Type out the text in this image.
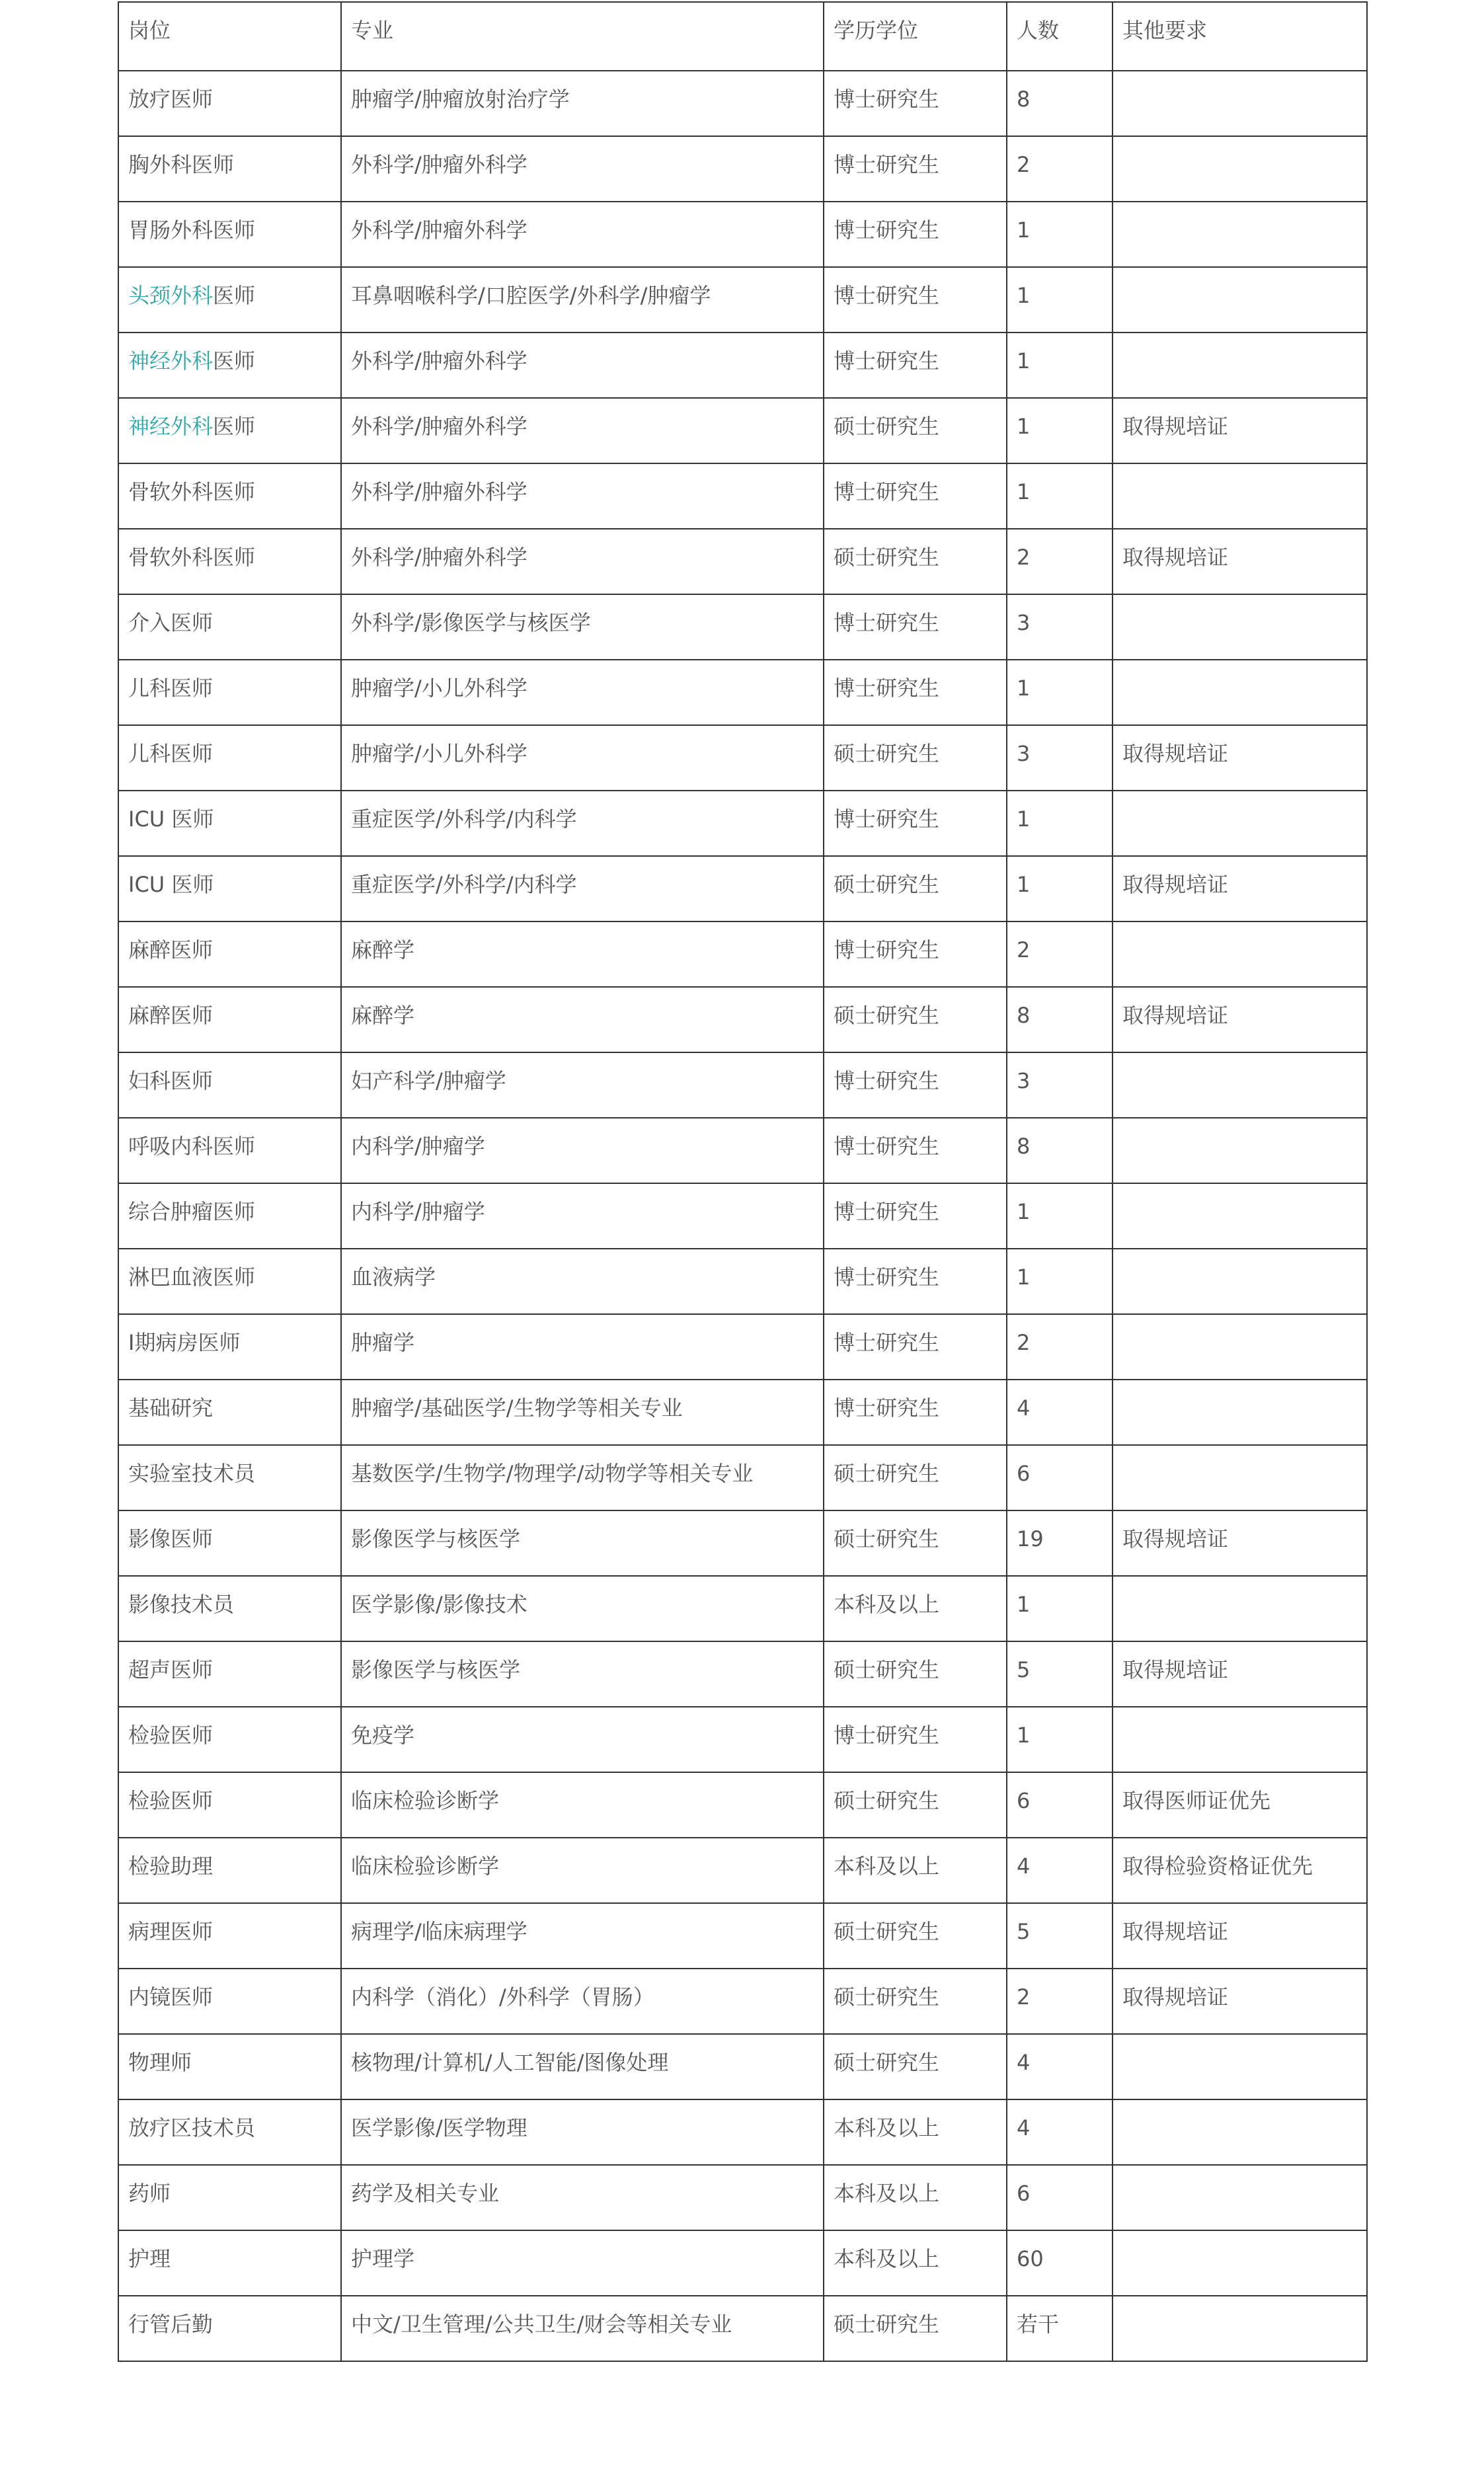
岗位	专业	学历学位	人数	其他要求
放疗医师	肿瘤学/肿瘤放射治疗学	博士研究生	8	
胸外科医师	外科学/肿瘤外科学	博士研究生	2	
胃肠外科医师	外科学/肿瘤外科学	博士研究生	1	
头颈外科医师	耳鼻咽喉科学/口腔医学/外科学/肿瘤学	博士研究生	1	
神经外科医师	外科学/肿瘤外科学	博士研究生	1	
神经外科医师	外科学/肿瘤外科学	硕士研究生	1	取得规培证
骨软外科医师	外科学/肿瘤外科学	博士研究生	1	
骨软外科医师	外科学/肿瘤外科学	硕士研究生	2	取得规培证
介入医师	外科学/影像医学与核医学	博士研究生	3	
儿科医师	肿瘤学/小儿外科学	博士研究生	1	
儿科医师	肿瘤学/小儿外科学	硕士研究生	3	取得规培证
ICU 医师	重症医学/外科学/内科学	博士研究生	1	
ICU 医师	重症医学/外科学/内科学	硕士研究生	1	取得规培证
麻醉医师	麻醉学	博士研究生	2	
麻醉医师	麻醉学	硕士研究生	8	取得规培证
妇科医师	妇产科学/肿瘤学	博士研究生	3	
呼吸内科医师	内科学/肿瘤学	博士研究生	8	
综合肿瘤医师	内科学/肿瘤学	博士研究生	1	
淋巴血液医师	血液病学	博士研究生	1	
Ⅰ期病房医师	肿瘤学	博士研究生	2	
基础研究	肿瘤学/基础医学/生物学等相关专业	博士研究生	4	
实验室技术员	基数医学/生物学/物理学/动物学等相关专业	硕士研究生	6	
影像医师	影像医学与核医学	硕士研究生	19	取得规培证
影像技术员	医学影像/影像技术	本科及以上	1	
超声医师	影像医学与核医学	硕士研究生	5	取得规培证
检验医师	免疫学	博士研究生	1	
检验医师	临床检验诊断学	硕士研究生	6	取得医师证优先
检验助理	临床检验诊断学	本科及以上	4	取得检验资格证优先
病理医师	病理学/临床病理学	硕士研究生	5	取得规培证
内镜医师	内科学（消化）/外科学（胃肠）	硕士研究生	2	取得规培证
物理师	核物理/计算机/人工智能/图像处理	硕士研究生	4	
放疗区技术员	医学影像/医学物理	本科及以上	4	
药师	药学及相关专业	本科及以上	6	
护理	护理学	本科及以上	60	
行管后勤	中文/卫生管理/公共卫生/财会等相关专业	硕士研究生	若干	
